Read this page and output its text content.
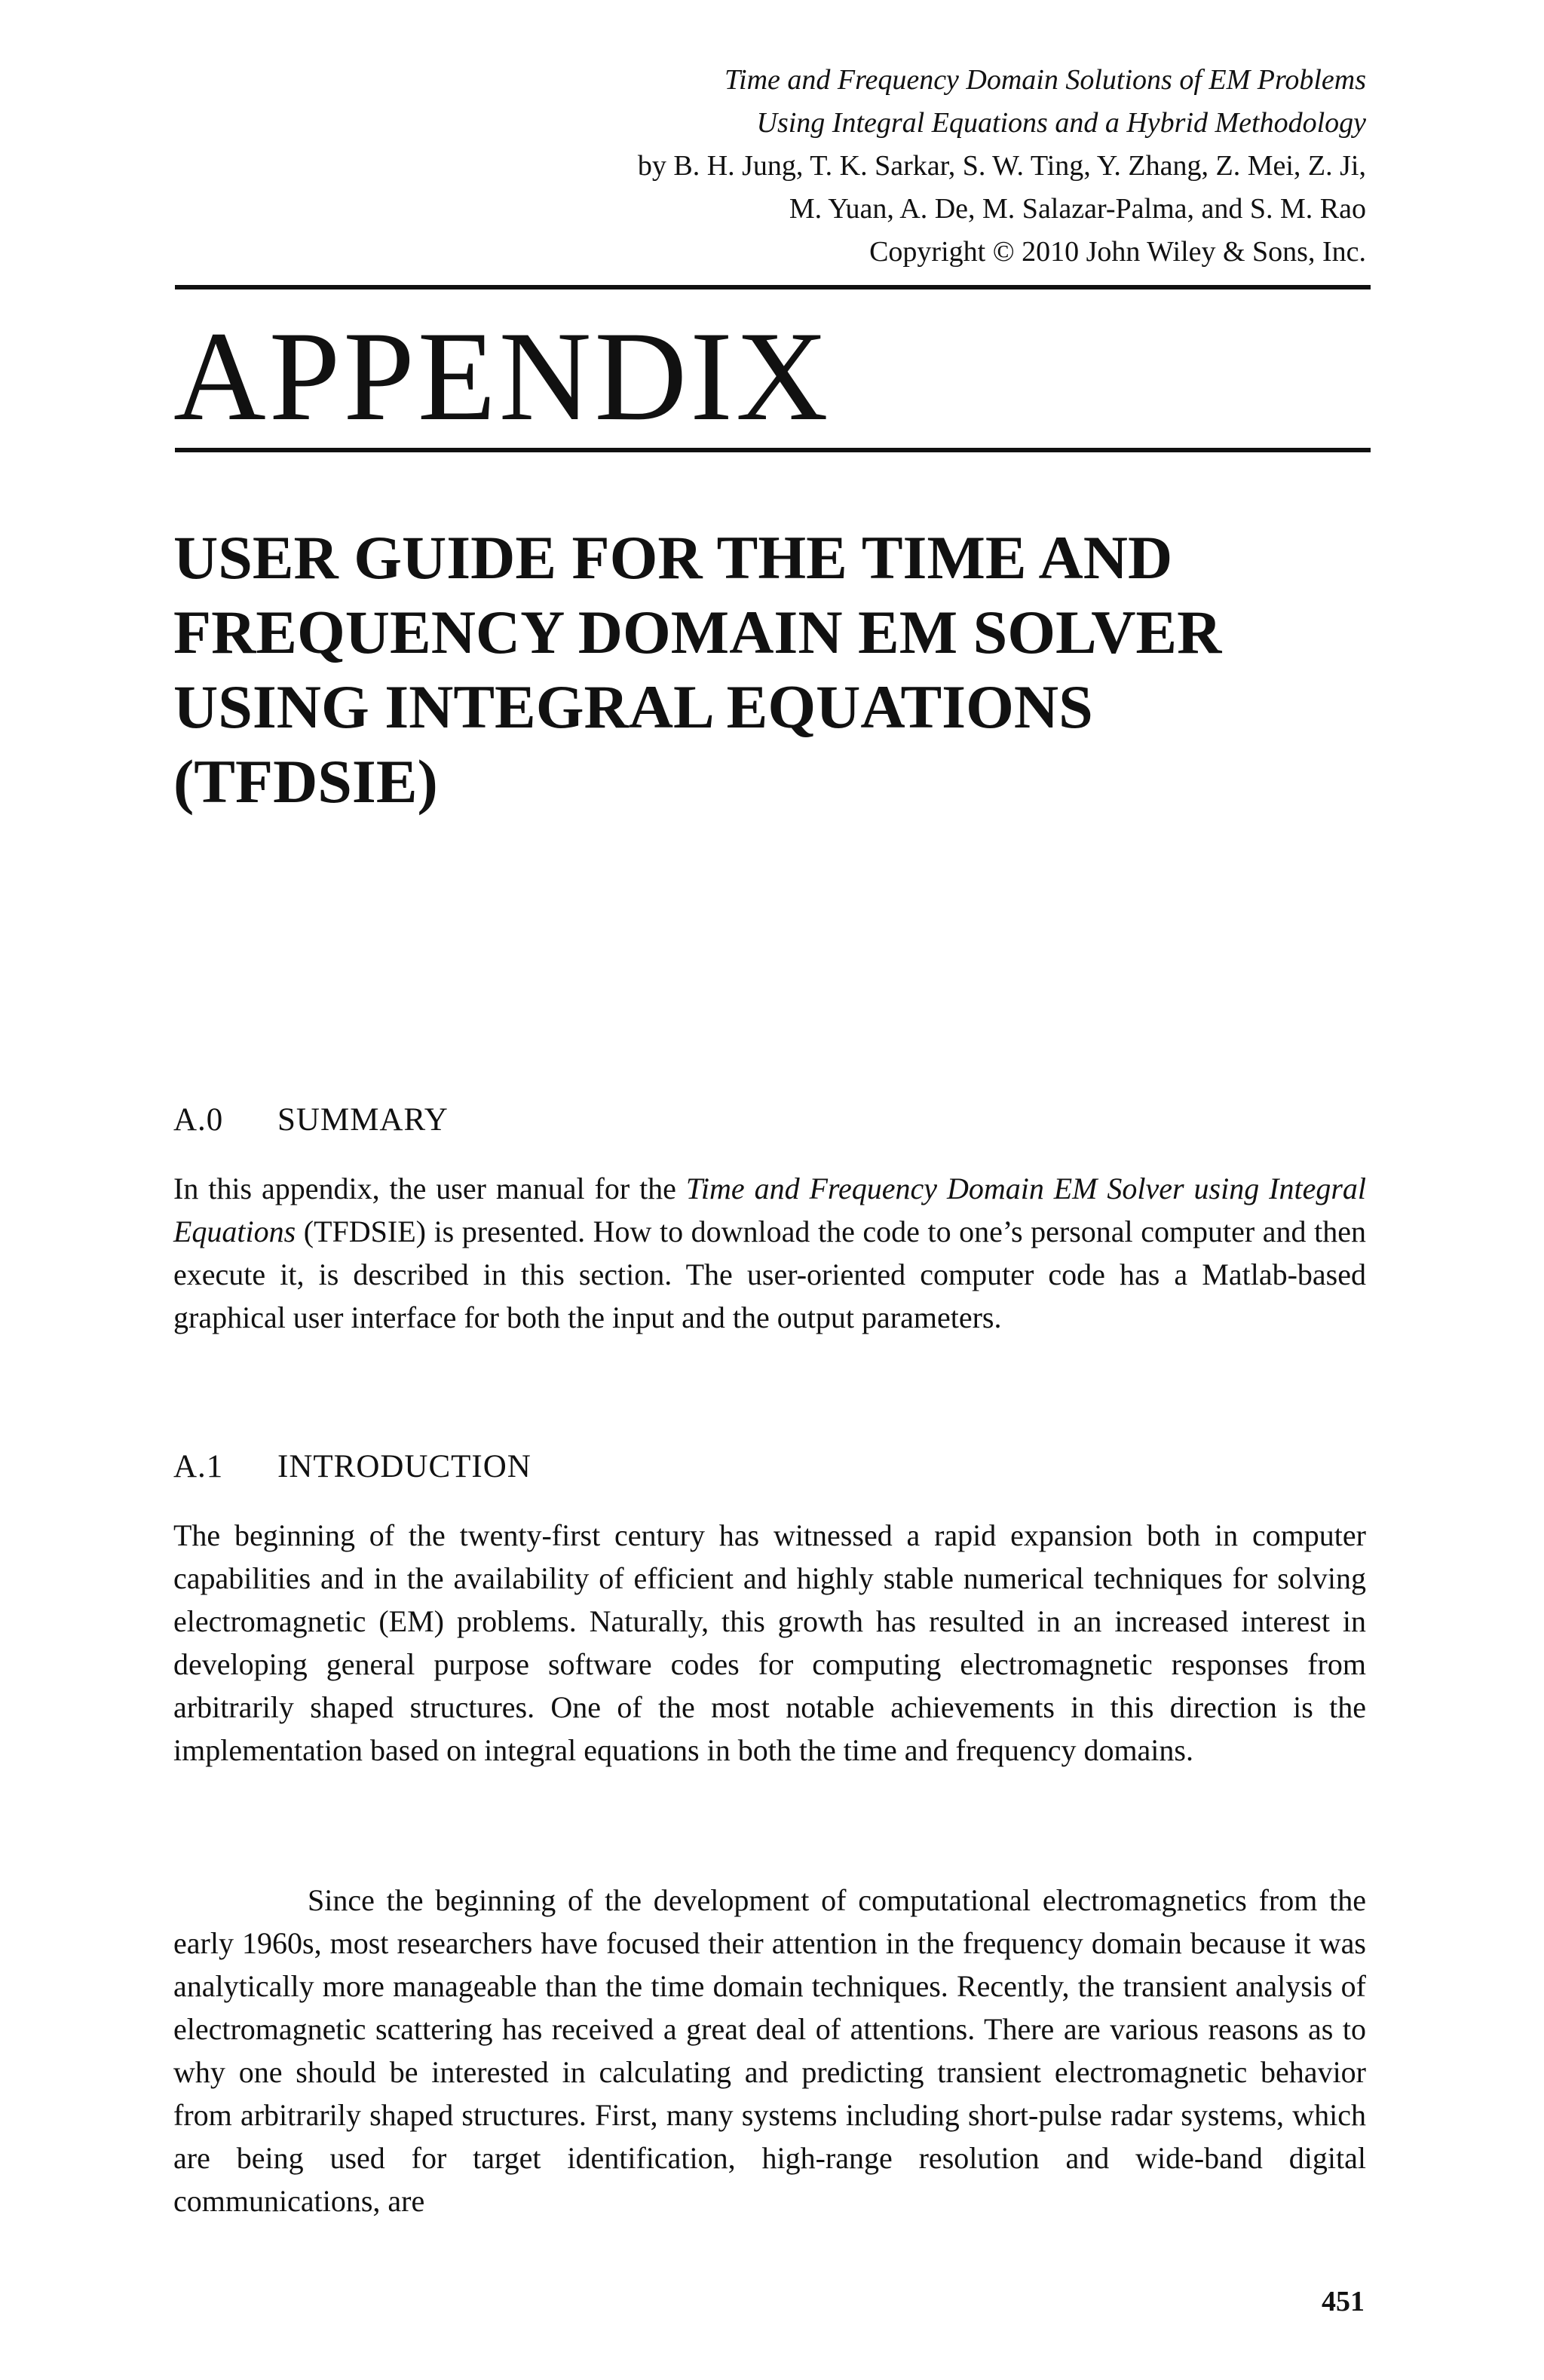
Time and Frequency Domain Solutions of EM Problems
Using Integral Equations and a Hybrid Methodology
by B. H. Jung, T. K. Sarkar, S. W. Ting, Y. Zhang, Z. Mei, Z. Ji,
M. Yuan, A. De, M. Salazar-Palma, and S. M. Rao
Copyright © 2010 John Wiley & Sons, Inc.
APPENDIX
USER GUIDE FOR THE TIME AND
FREQUENCY DOMAIN EM SOLVER
USING INTEGRAL EQUATIONS
(TFDSIE)
A.0 SUMMARY

In this appendix, the user manual for the Time and Frequency Domain EM Solver using Integral Equations (TFDSIE) is presented. How to download the code to one’s personal computer and then execute it, is described in this section. The user-oriented computer code has a Matlab-based graphical user interface for both the input and the output parameters.

A.1 INTRODUCTION

The beginning of the twenty-first century has witnessed a rapid expansion both in computer capabilities and in the availability of efficient and highly stable numerical techniques for solving electromagnetic (EM) problems. Naturally, this growth has resulted in an increased interest in developing general purpose software codes for computing electromagnetic responses from arbitrarily shaped structures. One of the most notable achievements in this direction is the implementation based on integral equations in both the time and frequency domains.

Since the beginning of the development of computational electromagnetics from the early 1960s, most researchers have focused their attention in the frequency domain because it was analytically more manageable than the time domain techniques. Recently, the transient analysis of electromagnetic scattering has received a great deal of attentions. There are various reasons as to why one should be interested in calculating and predicting transient electromagnetic behavior from arbitrarily shaped structures. First, many systems including short-pulse radar systems, which are being used for target identification, high-range resolution and wide-band digital communications, are

451
